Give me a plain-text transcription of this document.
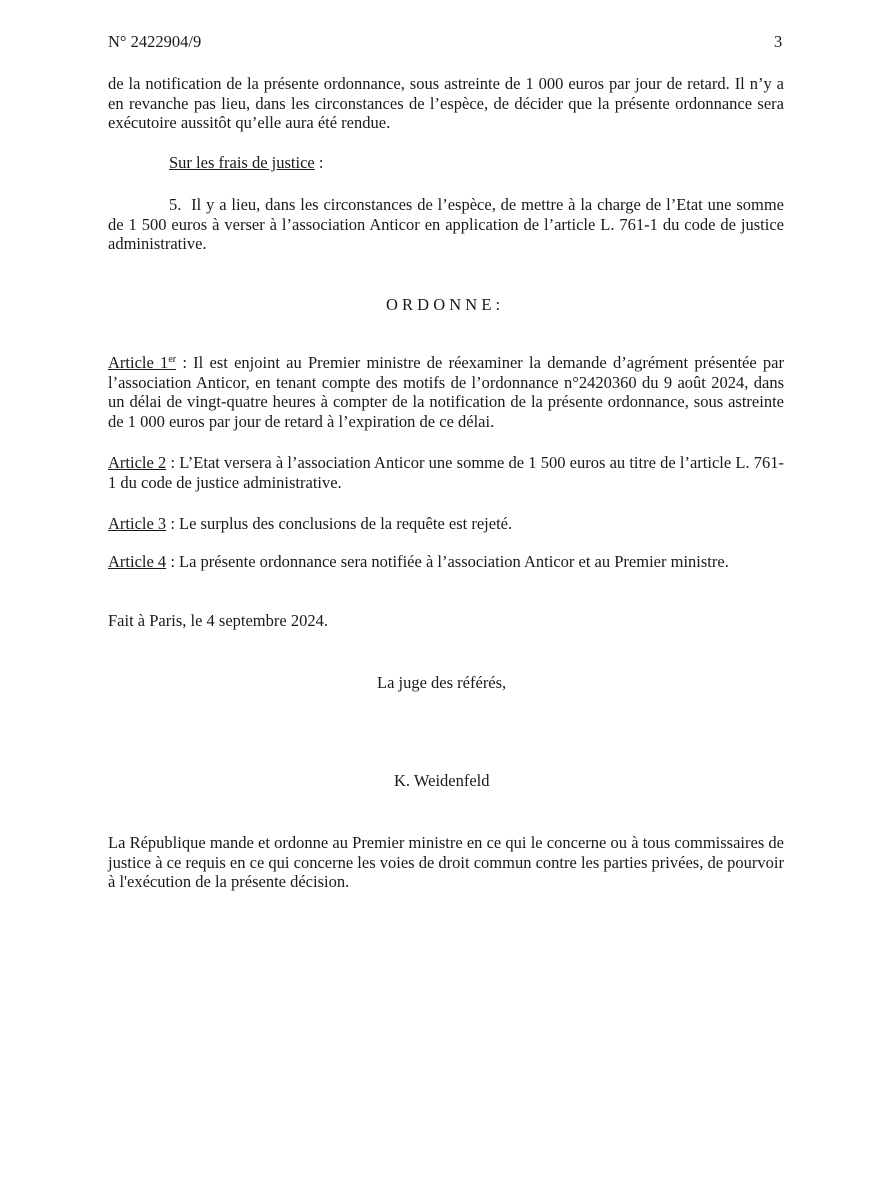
N° 2422904/9	3
de la notification de la présente ordonnance, sous astreinte de 1 000 euros par jour de retard. Il n’y a en revanche pas lieu, dans les circonstances de l’espèce, de décider que la présente ordonnance sera exécutoire aussitôt qu’elle aura été rendue.
Sur les frais de justice :
5. Il y a lieu, dans les circonstances de l’espèce, de mettre à la charge de l’Etat une somme de 1 500 euros à verser à l’association Anticor en application de l’article L. 761-1 du code de justice administrative.
O R D O N N E :
Article 1er : Il est enjoint au Premier ministre de réexaminer la demande d’agrément présentée par l’association Anticor, en tenant compte des motifs de l’ordonnance n°2420360 du 9 août 2024, dans un délai de vingt-quatre heures à compter de la notification de la présente ordonnance, sous astreinte de 1 000 euros par jour de retard à l’expiration de ce délai.
Article 2 : L’Etat versera à l’association Anticor une somme de 1 500 euros au titre de l’article L. 761-1 du code de justice administrative.
Article 3 : Le surplus des conclusions de la requête est rejeté.
Article 4 : La présente ordonnance sera notifiée à l’association Anticor et au Premier ministre.
Fait à Paris, le 4 septembre 2024.
La juge des référés,
K. Weidenfeld
La République mande et ordonne au Premier ministre en ce qui le concerne ou à tous commissaires de justice à ce requis en ce qui concerne les voies de droit commun contre les parties privées, de pourvoir à l'exécution de la présente décision.
